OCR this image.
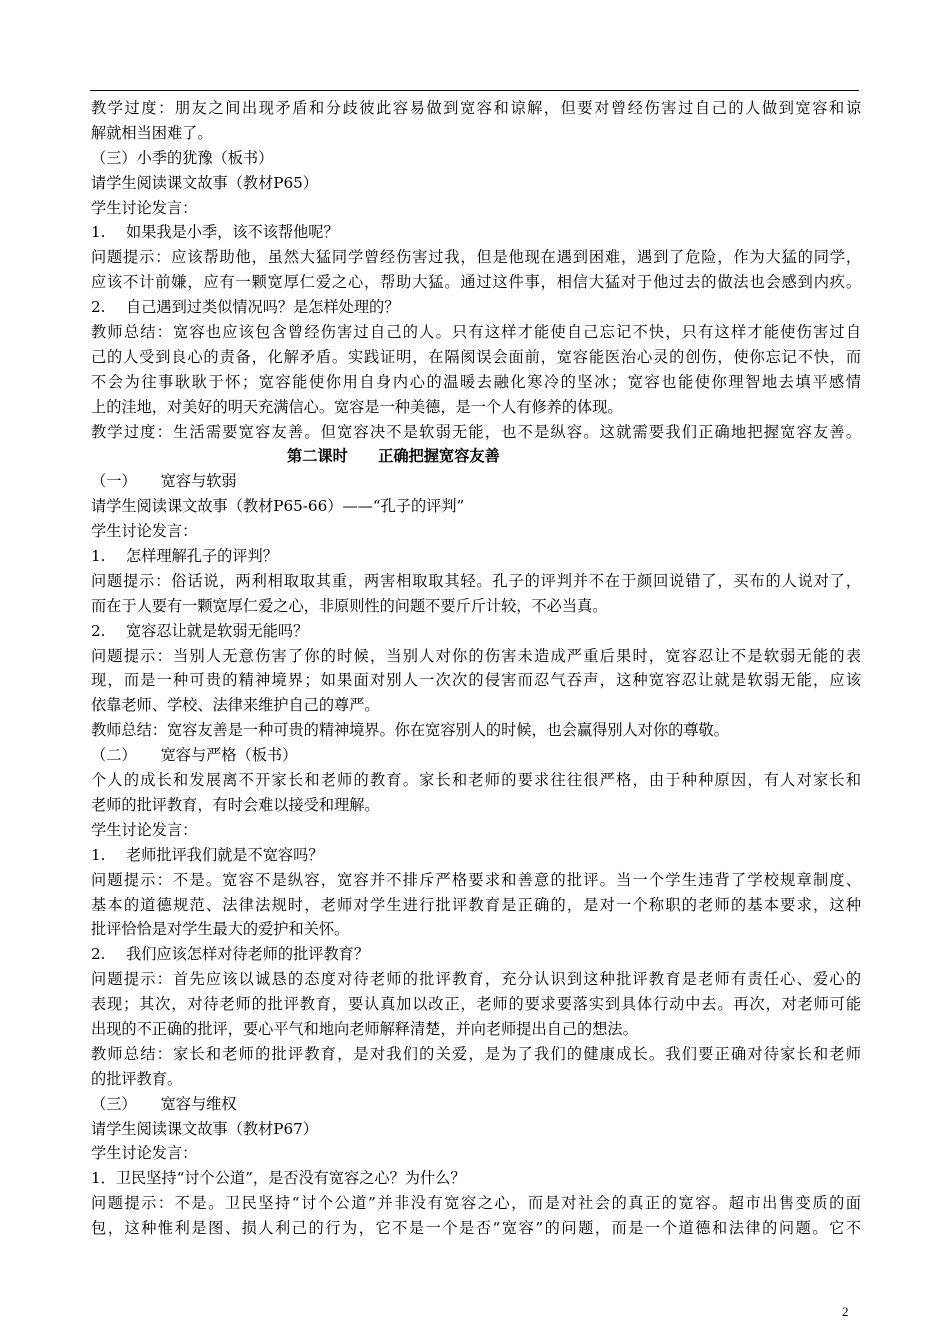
教学过度：朋友之间出现矛盾和分歧彼此容易做到宽容和谅解，但要对曾经伤害过自己的人做到宽容和谅
解就相当困难了。
（三）小季的犹豫（板书）
请学生阅读课文故事（教材P65）
学生讨论发言：
1. 如果我是小季，该不该帮他呢？
问题提示：应该帮助他，虽然大猛同学曾经伤害过我，但是他现在遇到困难，遇到了危险，作为大猛的同学，
应该不计前嫌，应有一颗宽厚仁爱之心，帮助大猛。通过这件事，相信大猛对于他过去的做法也会感到内疚。
2. 自己遇到过类似情况吗？是怎样处理的？
教师总结：宽容也应该包含曾经伤害过自己的人。只有这样才能使自己忘记不快，只有这样才能使伤害过自
己的人受到良心的责备，化解矛盾。实践证明，在隔阂误会面前，宽容能医治心灵的创伤，使你忘记不快，而
不会为往事耿耿于怀；宽容能使你用自身内心的温暖去融化寒冷的坚冰；宽容也能使你理智地去填平感情
上的洼地，对美好的明天充满信心。宽容是一种美德，是一个人有修养的体现。
教学过度：生活需要宽容友善。但宽容决不是软弱无能，也不是纵容。这就需要我们正确地把握宽容友善。
第二课时　　正确把握宽容友善
（一） 宽容与软弱
请学生阅读课文故事（教材P65-66）——“孔子的评判”
学生讨论发言：
1. 怎样理解孔子的评判？
问题提示：俗话说，两利相取取其重，两害相取取其轻。孔子的评判并不在于颜回说错了，买布的人说对了，
而在于人要有一颗宽厚仁爱之心，非原则性的问题不要斤斤计较，不必当真。
2. 宽容忍让就是软弱无能吗？
问题提示：当别人无意伤害了你的时候，当别人对你的伤害未造成严重后果时，宽容忍让不是软弱无能的表
现，而是一种可贵的精神境界；如果面对别人一次次的侵害而忍气吞声，这种宽容忍让就是软弱无能，应该
依靠老师、学校、法律来维护自己的尊严。
教师总结：宽容友善是一种可贵的精神境界。你在宽容别人的时候，也会赢得别人对你的尊敬。
（二） 宽容与严格（板书）
个人的成长和发展离不开家长和老师的教育。家长和老师的要求往往很严格，由于种种原因，有人对家长和
老师的批评教育，有时会难以接受和理解。
学生讨论发言：
1. 老师批评我们就是不宽容吗？
问题提示：不是。宽容不是纵容，宽容并不排斥严格要求和善意的批评。当一个学生违背了学校规章制度、
基本的道德规范、法律法规时，老师对学生进行批评教育是正确的，是对一个称职的老师的基本要求，这种
批评恰恰是对学生最大的爱护和关怀。
2. 我们应该怎样对待老师的批评教育？
问题提示：首先应该以诚恳的态度对待老师的批评教育，充分认识到这种批评教育是老师有责任心、爱心的
表现；其次，对待老师的批评教育，要认真加以改正，老师的要求要落实到具体行动中去。再次，对老师可能
出现的不正确的批评，要心平气和地向老师解释清楚，并向老师提出自己的想法。
教师总结：家长和老师的批评教育，是对我们的关爱，是为了我们的健康成长。我们要正确对待家长和老师
的批评教育。
（三） 宽容与维权
请学生阅读课文故事（教材P67）
学生讨论发言：
1．卫民坚持“讨个公道”，是否没有宽容之心？为什么？
问题提示：不是。卫民坚持“讨个公道”并非没有宽容之心，而是对社会的真正的宽容。超市出售变质的面
包，这种惟利是图、损人利己的行为，它不是一个是否“宽容”的问题，而是一个道德和法律的问题。它不
2
